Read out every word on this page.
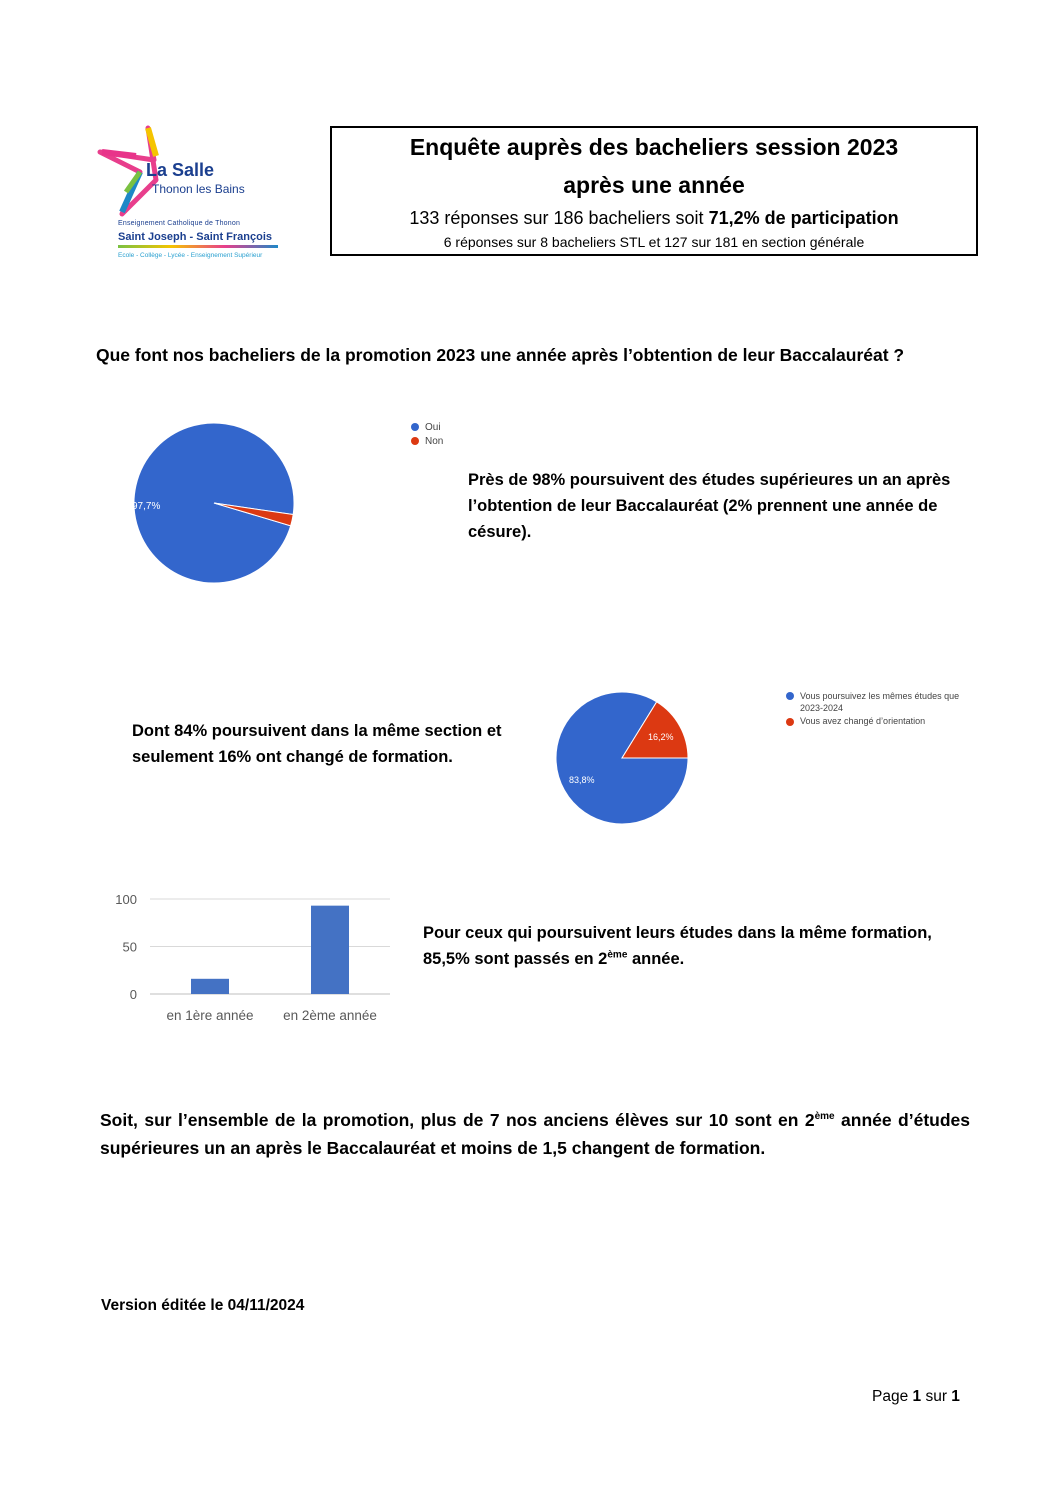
La Salle
Thonon les Bains
Enseignement Catholique de Thonon
Saint Joseph - Saint François
Ecole - Collège - Lycée - Enseignement Supérieur
Enquête auprès des bacheliers session 2023
après une année
133 réponses sur 186 bacheliers soit 71,2% de participation
6 réponses sur 8 bacheliers STL et 127 sur 181 en section générale
Que font nos bacheliers de la promotion 2023 une année après l’obtention de leur Baccalauréat ?
97,7%
Oui
Non
Près de 98% poursuivent des études supérieures un an après l’obtention de leur Baccalauréat (2% prennent une année de césure).
Dont 84% poursuivent dans la même section et seulement 16% ont changé de formation.
16,2%
83,8%
Vous poursuivez les mêmes études que 2023-2024
Vous avez changé d’orientation
0
50
100
en 1ère année en 2ème année
Pour ceux qui poursuivent leurs études dans la même formation, 85,5% sont passés en 2ème année.
Soit, sur l’ensemble de la promotion, plus de 7 nos anciens élèves sur 10 sont en 2ème année d’études supérieures un an après le Baccalauréat et moins de 1,5 changent de formation.
Version éditée le 04/11/2024
Page 1 sur 1
